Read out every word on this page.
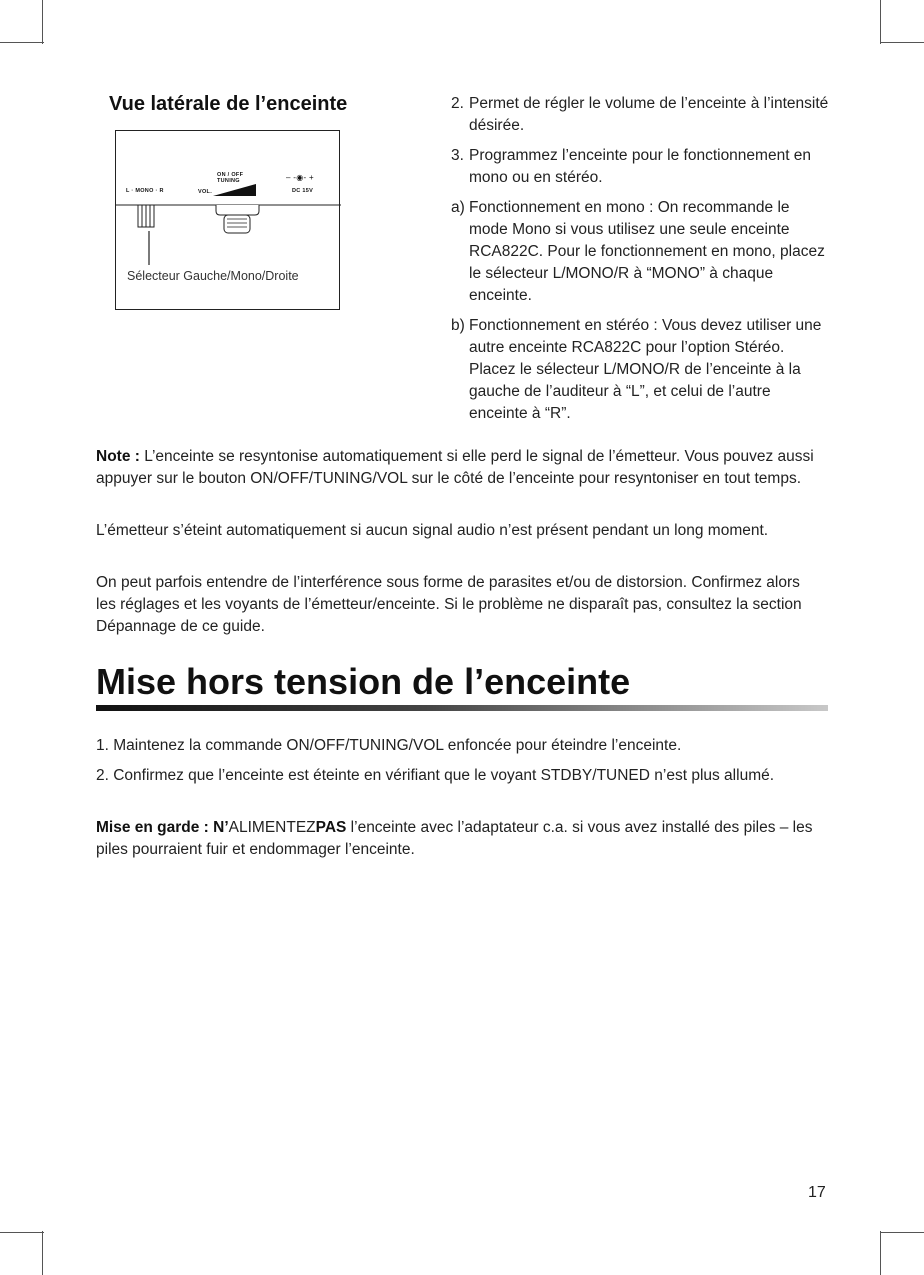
Vue latérale de l’enceinte
L · MONO · R	VOL.
ON / OFF
TUNING	– -◉- +
DC 15V
Sélecteur Gauche/Mono/Droite
2. Permet de régler le volume de l’enceinte à l’intensité désirée.
3. Programmez l’enceinte pour le fonctionnement en mono ou en stéréo.
a) Fonctionnement en mono : On recommande le mode Mono si vous utilisez une seule enceinte RCA822C. Pour le fonctionnement en mono, placez le sélecteur L/MONO/R à “MONO” à chaque enceinte.
b) Fonctionnement en stéréo : Vous devez utiliser une autre enceinte RCA822C pour l’option Stéréo. Placez le sélecteur L/MONO/R de l’enceinte à la gauche de l’auditeur à “L”, et celui de l’autre enceinte à “R”.

Note : L’enceinte se resyntonise automatiquement si elle perd le signal de l’émetteur. Vous pouvez aussi appuyer sur le bouton ON/OFF/TUNING/VOL sur le côté de l’enceinte pour resyntoniser en tout temps.

L’émetteur s’éteint automatiquement si aucun signal audio n’est présent pendant un long moment.

On peut parfois entendre de l’interférence sous forme de parasites et/ou de distorsion. Confirmez alors les réglages et les voyants de l’émetteur/enceinte. Si le problème ne disparaît pas, consultez la section Dépannage de ce guide.

Mise hors tension de l’enceinte

1. Maintenez la commande ON/OFF/TUNING/VOL enfoncée pour éteindre l’enceinte.

2. Confirmez que l’enceinte est éteinte en vérifiant que le voyant STDBY/TUNED n’est plus allumé.

Mise en garde : N’ALIMENTEZPAS l’enceinte avec l’adaptateur c.a. si vous avez installé des piles – les piles pourraient fuir et endommager l’enceinte.

17
